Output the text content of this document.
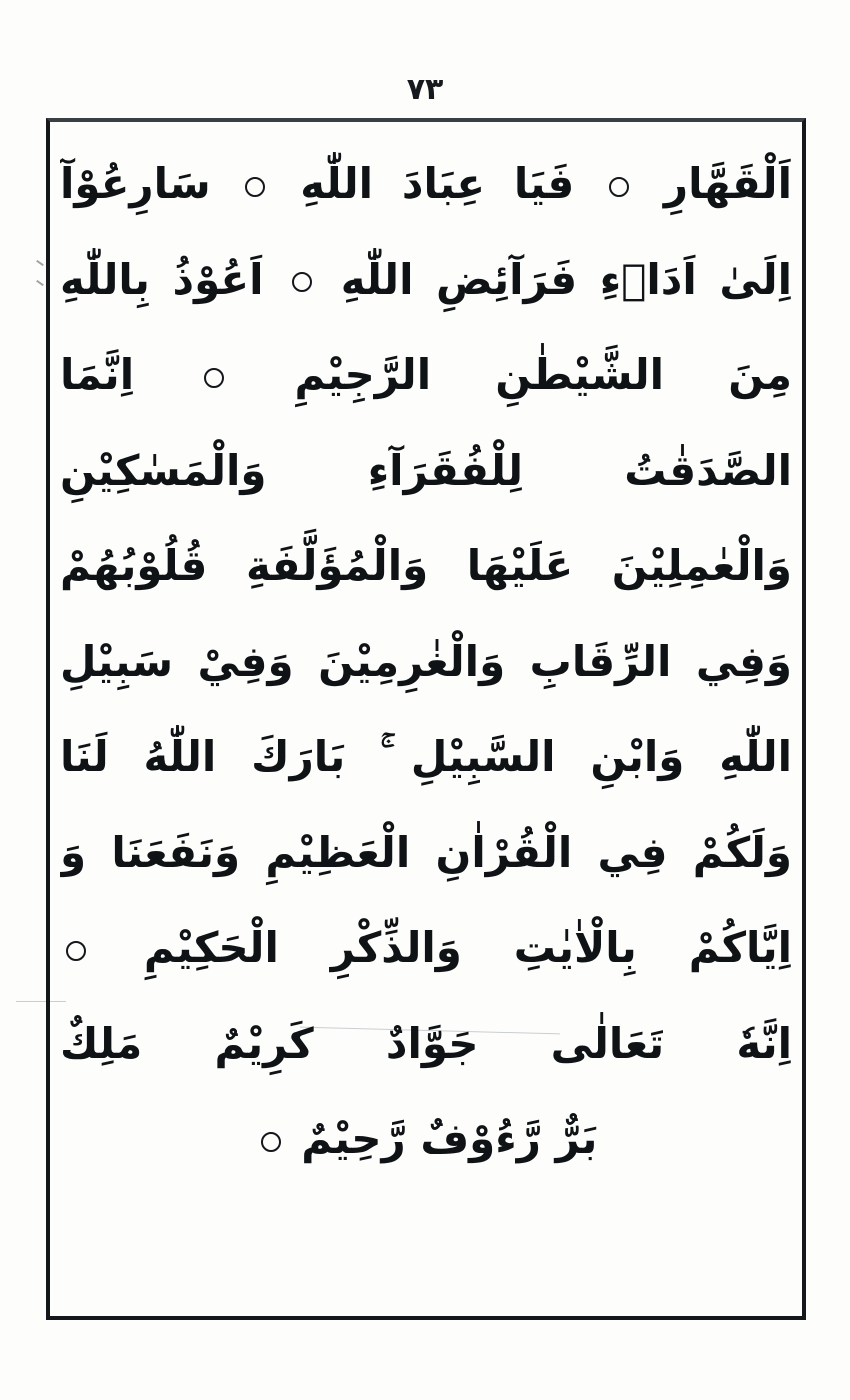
۷۳
اَلْقَهَّارِ  فَيَا عِبَادَ اللّٰهِ  سَارِعُوْآ
اِلَىٰ اَدَاۤءِ فَرَآئِضِ اللّٰهِ  اَعُوْذُ بِاللّٰهِ
مِنَ الشَّيْطٰنِ الرَّجِيْمِ  اِنَّمَا
الصَّدَقٰتُ لِلْفُقَرَآءِ وَالْمَسٰكِيْنِ
وَالْعٰمِلِيْنَ عَلَيْهَا وَالْمُؤَلَّفَةِ قُلُوْبُهُمْ
وَفِي الرِّقَابِ وَالْغٰرِمِيْنَ وَفِيْ سَبِيْلِ
اللّٰهِ وَابْنِ السَّبِيْلِ ۚ بَارَكَ اللّٰهُ لَنَا
وَلَكُمْ فِي الْقُرْاٰنِ الْعَظِيْمِ وَنَفَعَنَا وَ
اِيَّاكُمْ بِالْاٰيٰتِ وَالذِّكْرِ الْحَكِيْمِ
اِنَّهٗ تَعَالٰى جَوَّادٌ كَرِيْمٌ مَلِكٌ
بَرٌّ رَّءُوْفٌ رَّحِيْمٌ
